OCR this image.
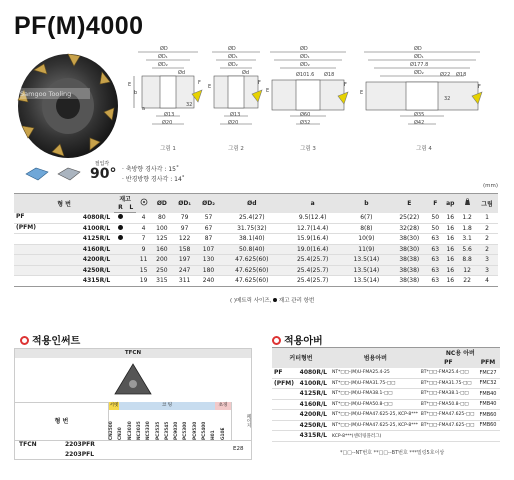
PF(M)4000
Samgoo Tooling
ØD
ØD₁
ØD₂
Ød
Ø13
Ø20
a
b
E	F
32
그림 1
ØD
ØD₁
ØD₂
Ød
Ø13
Ø20
E
F
그림 2
ØD
ØD₁
ØD₂
Ø101.6 Ø18
Ø60
Ø32
E
F
그림 3
ØD
ØD₁
Ø177.8
ØD₂	Ø22 Ø18
Ø35
Ø42
32
E
F
그림 4
절입각
90° · 축방향 경사각 : 15˚
· 반경방향 경사각 : 14˚
(mm)
형 번		재고			ØD	ØD₁	ØD₂	Ød	a	b	E	F	ap		그림
		R	L												
PF	4080R/L			4	80	79	57	25.4(27)	9.5(12.4)	6(7)	25(22)	50	16	1.2	1
(PFM)	4100R/L			4	100	97	67	31.75(32)	12.7(14.4)	8(8)	32(28)	50	16	1.8	2
	4125R/L			7	125	122	87	38.1(40)	15.9(16.4)	10(9)	38(30)	63	16	3.1	2
	4160R/L			9	160	158	107	50.8(40)	19.0(16.4)	11(9)	38(30)	63	16	5.6	2
	4200R/L			11	200	197	130	47.625(60)	25.4(25.7)	13.5(14)	38(38)	63	16	8.8	3
	4250R/L			15	250	247	180	47.625(60)	25.4(25.7)	13.5(14)	38(38)	63	16	12	3
	4315R/L			19	315	311	240	47.625(60)	25.4(25.7)	13.5(14)	38(38)	63	16	22	4
( )메트릭 사이즈, 재고 관리 항번
적용인써트
TFCN
형 번
서멧	코 팅	초경
페이지
CN2500 CN30 NC3030 NC3035 NC5330	PC3535 PC3545 PC9030 PC5300 PC9530	PC5400 H01 G10E
TFCN	2203PFR
2203PFL
E28
적용아버
커터형번	범용아버	NC용 아버	
		PF	PFM

PF 4080R/L	NT*□□-(M)U-FMA25.4-25	BT*□□-FMA25.4-□□	FMC27

(PFM) 4100R/L	NT*□□-(M)U-FMA31.75-□□	BT*□□-FMA31.75-□□	FMC32
4125R/L	NT*□□-(M)U-FMA38.1-□□	BT*□□-FMA38.1-□□	FMB40
4160R/L	NT*□□-(M)U-FMA50.8-□□	BT*□□-FMA50.8-□□	FMB40
4200R/L	NT*□□-(M)U-FMA47.625-25, KCP-8***	BT*□□-FMA47.625-□□	FMB60
4250R/L	NT*□□-(M)U-FMA47.625-25, KCP-8***	BT*□□-FMA47.625-□□	FMB60
4315R/L	KCP-8***(센터링플러그)		
*□□--NT번호 **□□--BT번호 ***밀링5호이상
